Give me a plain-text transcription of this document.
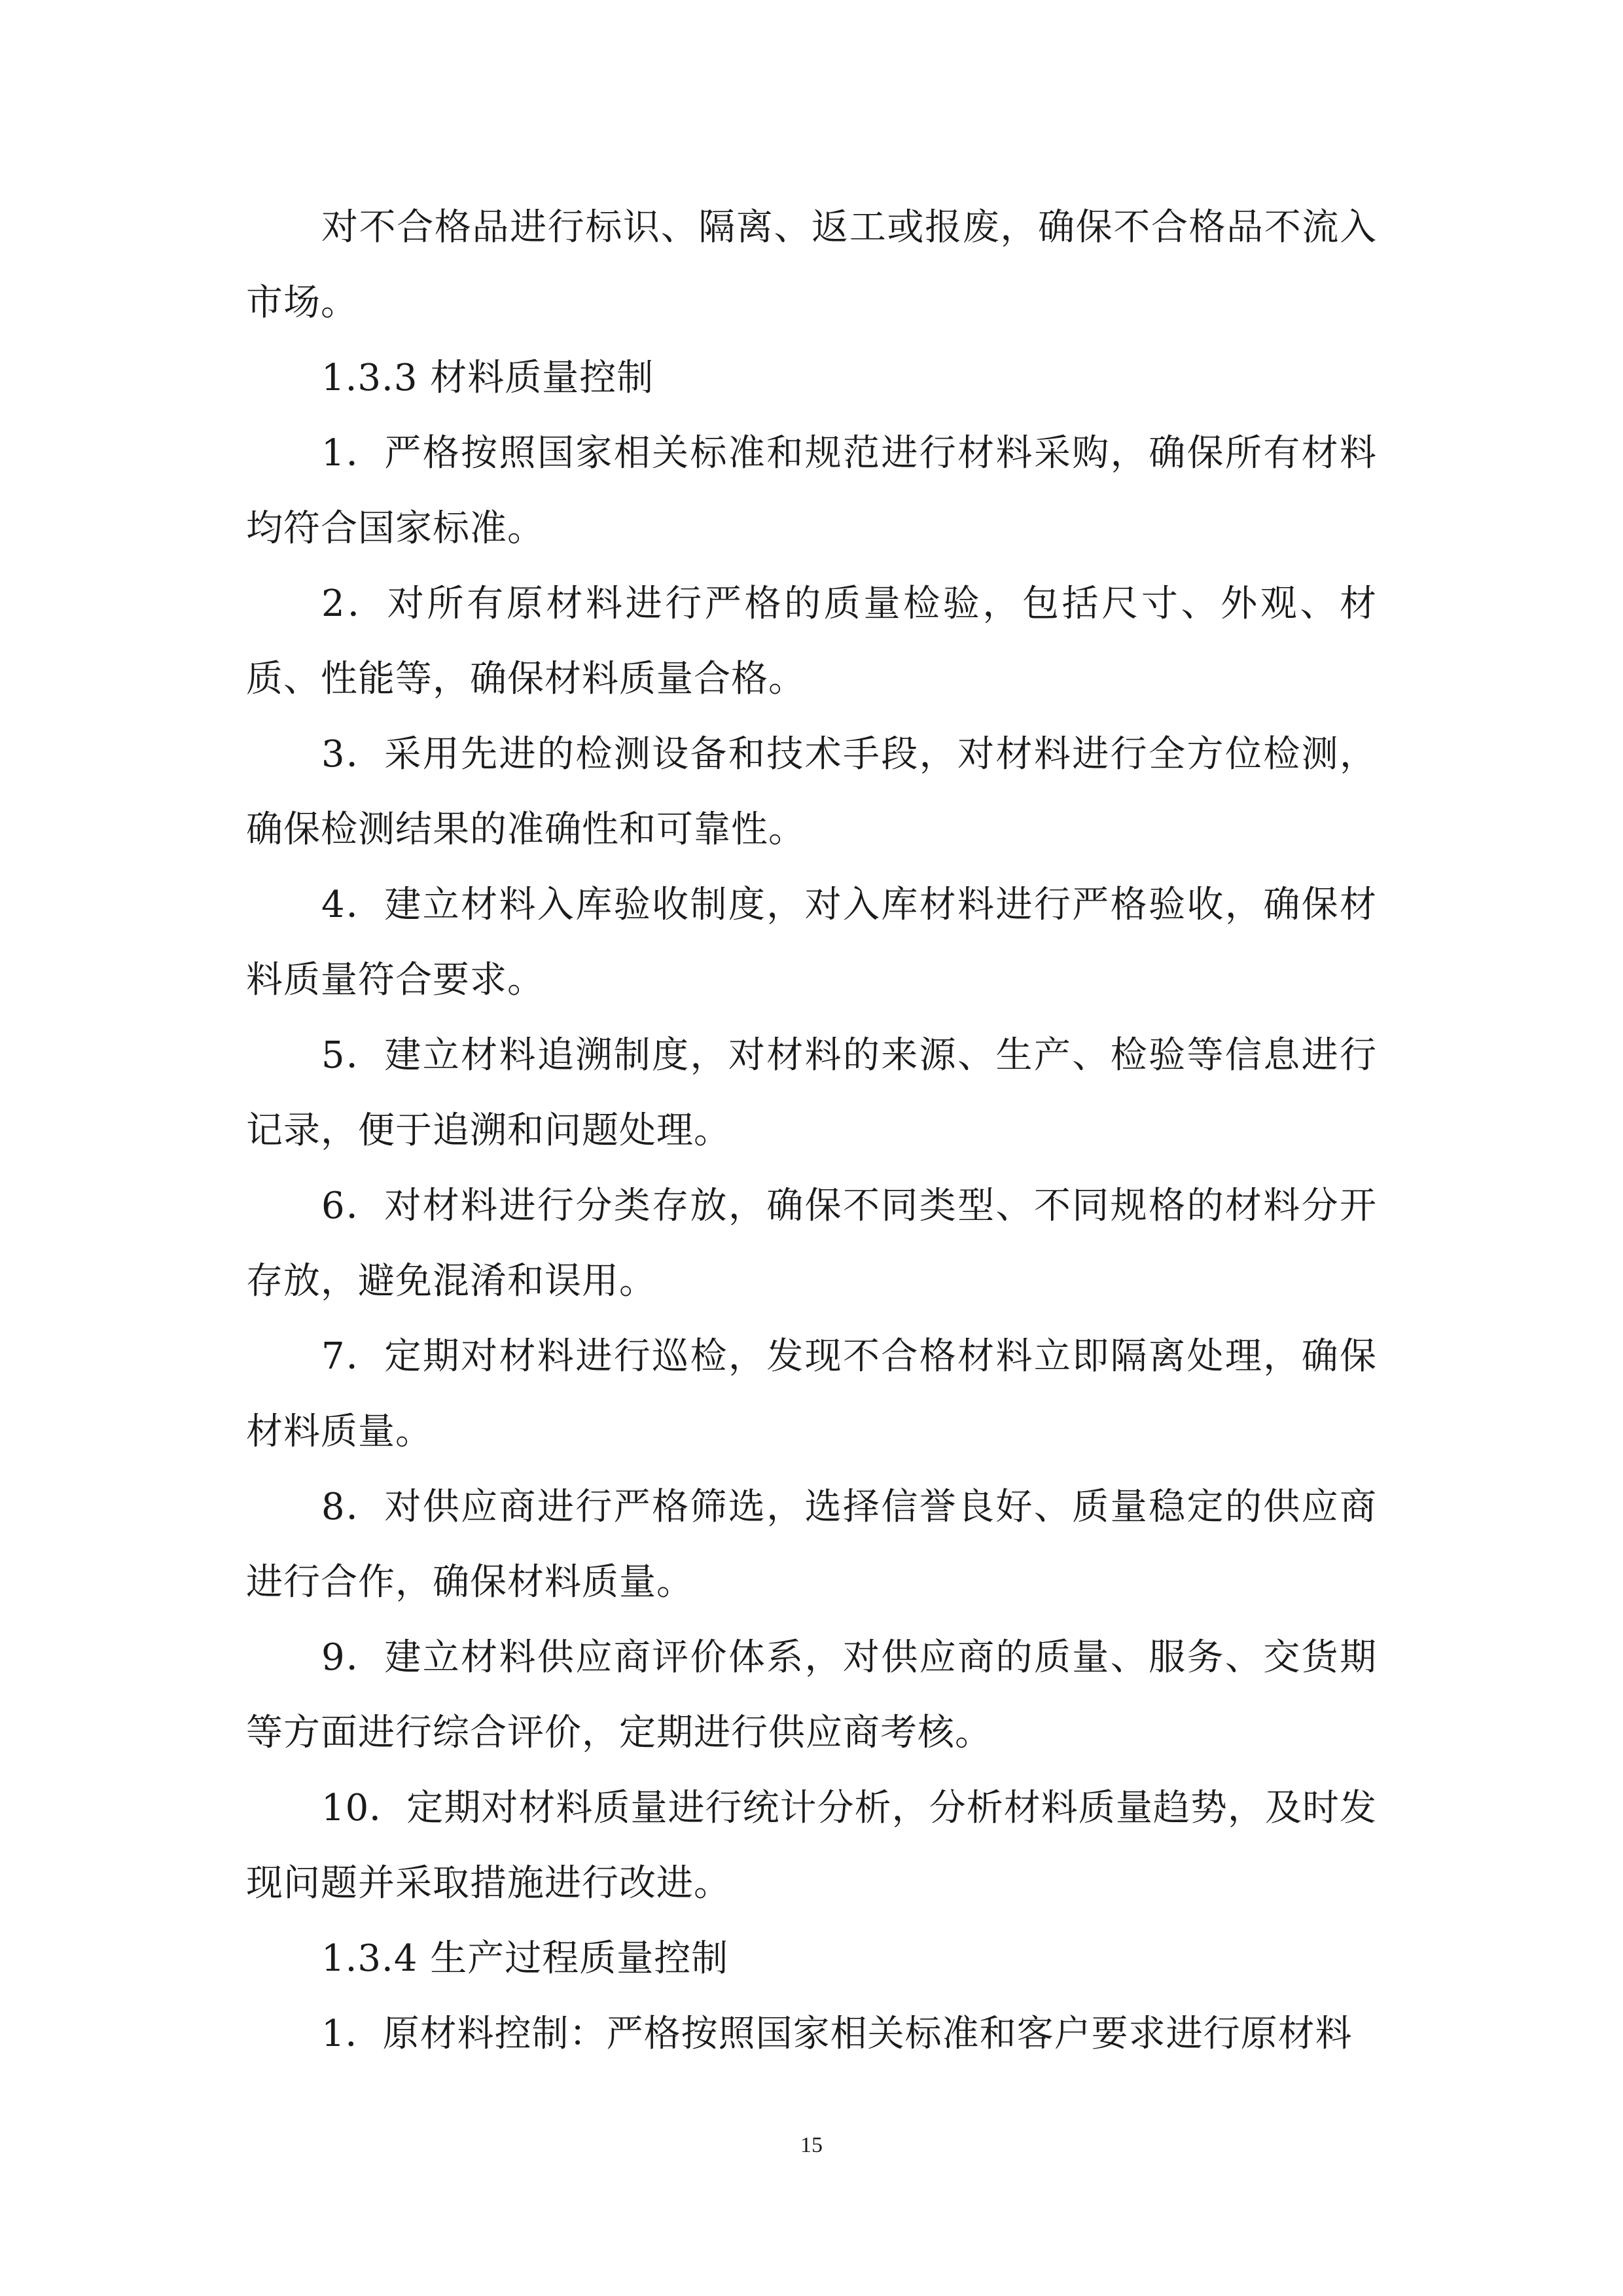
对不合格品进行标识、隔离、返工或报废，确保不合格品不流入市场。

1.3.3 材料质量控制

1．严格按照国家相关标准和规范进行材料采购，确保所有材料均符合国家标准。

2．对所有原材料进行严格的质量检验，包括尺寸、外观、材质、性能等，确保材料质量合格。

3．采用先进的检测设备和技术手段，对材料进行全方位检测，确保检测结果的准确性和可靠性。

4．建立材料入库验收制度，对入库材料进行严格验收，确保材料质量符合要求。

5．建立材料追溯制度，对材料的来源、生产、检验等信息进行记录，便于追溯和问题处理。

6．对材料进行分类存放，确保不同类型、不同规格的材料分开存放，避免混淆和误用。

7．定期对材料进行巡检，发现不合格材料立即隔离处理，确保材料质量。

8．对供应商进行严格筛选，选择信誉良好、质量稳定的供应商进行合作，确保材料质量。

9．建立材料供应商评价体系，对供应商的质量、服务、交货期等方面进行综合评价，定期进行供应商考核。

10．定期对材料质量进行统计分析，分析材料质量趋势，及时发现问题并采取措施进行改进。

1.3.4 生产过程质量控制

1．原材料控制：严格按照国家相关标准和客户要求进行原材料

15
